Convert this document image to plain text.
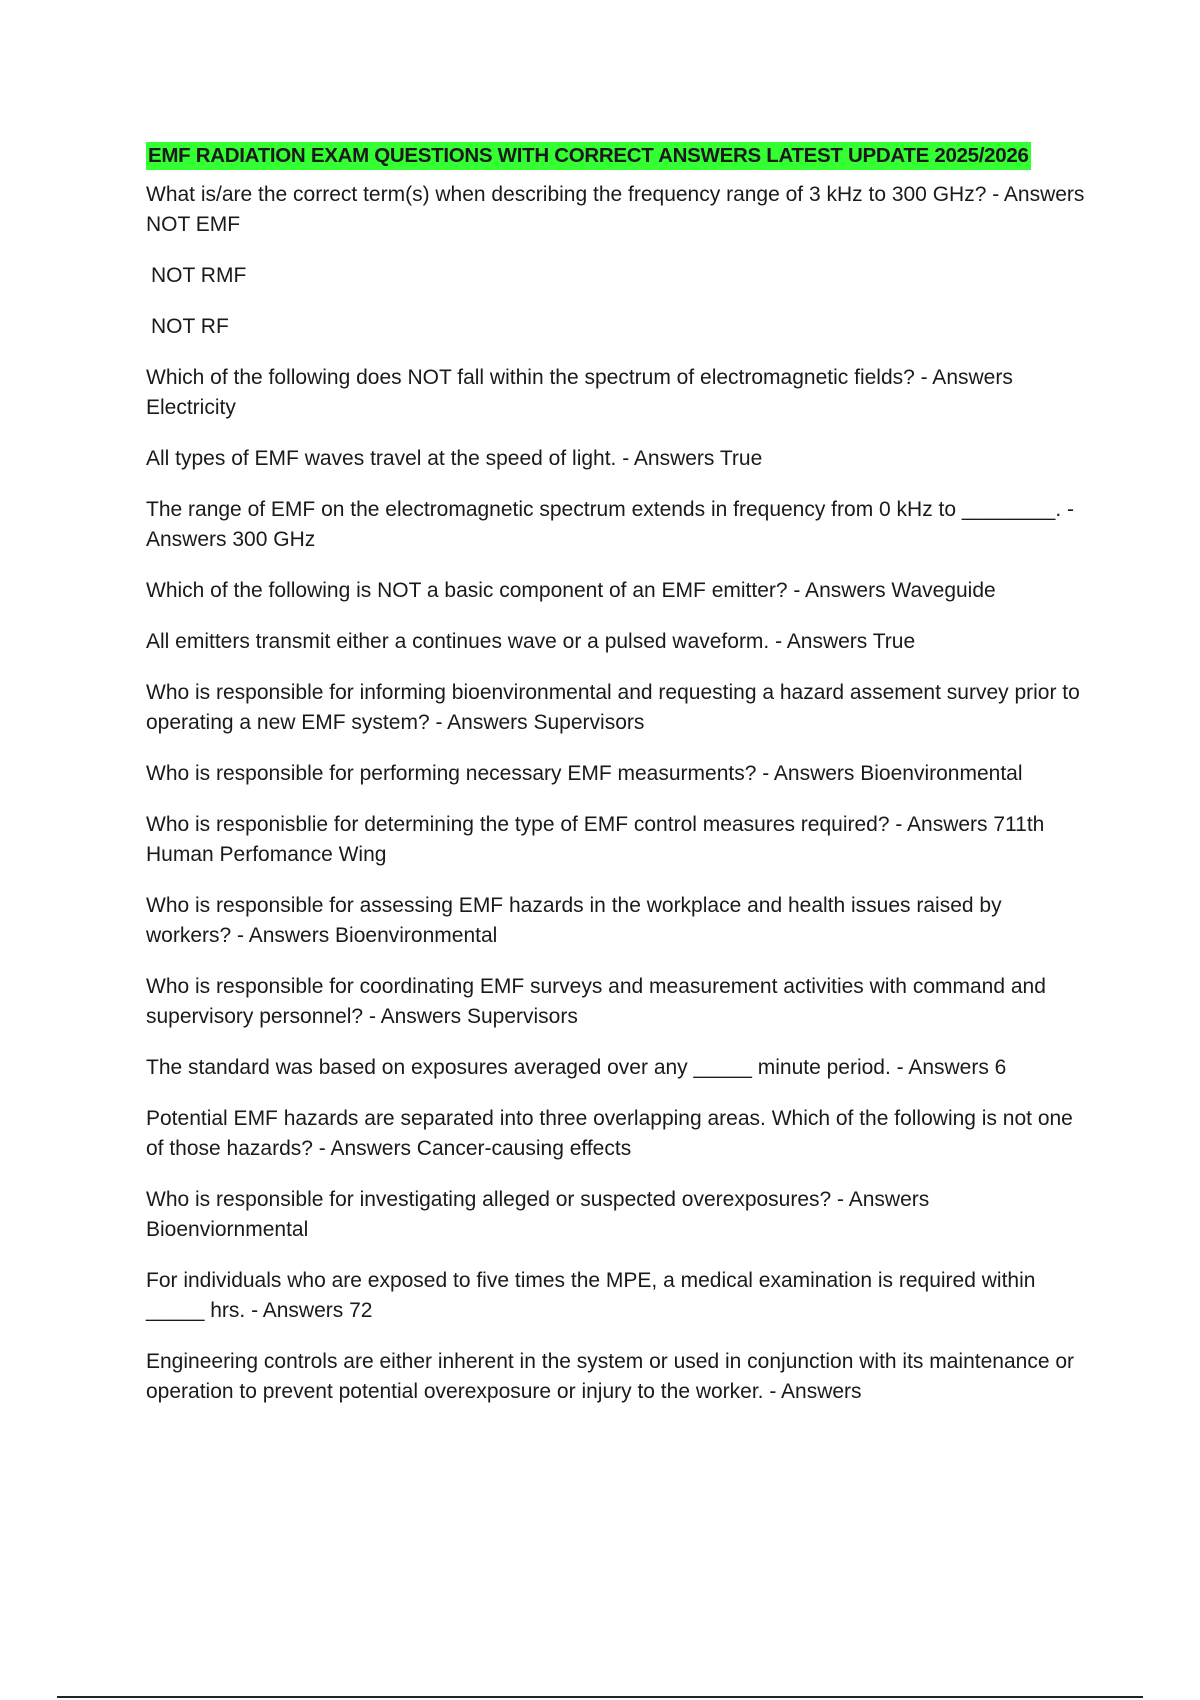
EMF RADIATION EXAM QUESTIONS WITH CORRECT ANSWERS LATEST UPDATE 2025/2026

What is/are the correct term(s) when describing the frequency range of 3 kHz to 300 GHz? - Answers NOT EMF

NOT RMF

NOT RF

Which of the following does NOT fall within the spectrum of electromagnetic fields? - Answers Electricity

All types of EMF waves travel at the speed of light. - Answers True

The range of EMF on the electromagnetic spectrum extends in frequency from 0 kHz to ________. - Answers 300 GHz

Which of the following is NOT a basic component of an EMF emitter? - Answers Waveguide

All emitters transmit either a continues wave or a pulsed waveform. - Answers True

Who is responsible for informing bioenvironmental and requesting a hazard assement survey prior to operating a new EMF system? - Answers Supervisors

Who is responsible for performing necessary EMF measurments? - Answers Bioenvironmental

Who is responisblie for determining the type of EMF control measures required? - Answers 711th Human Perfomance Wing

Who is responsible for assessing EMF hazards in the workplace and health issues raised by workers? - Answers Bioenvironmental

Who is responsible for coordinating EMF surveys and measurement activities with command and supervisory personnel? - Answers Supervisors

The standard was based on exposures averaged over any _____ minute period. - Answers 6

Potential EMF hazards are separated into three overlapping areas. Which of the following is not one of those hazards? - Answers Cancer-causing effects

Who is responsible for investigating alleged or suspected overexposures? - Answers Bioenviornmental

For individuals who are exposed to five times the MPE, a medical examination is required within _____ hrs. - Answers 72

Engineering controls are either inherent in the system or used in conjunction with its maintenance or operation to prevent potential overexposure or injury to the worker. - Answers
